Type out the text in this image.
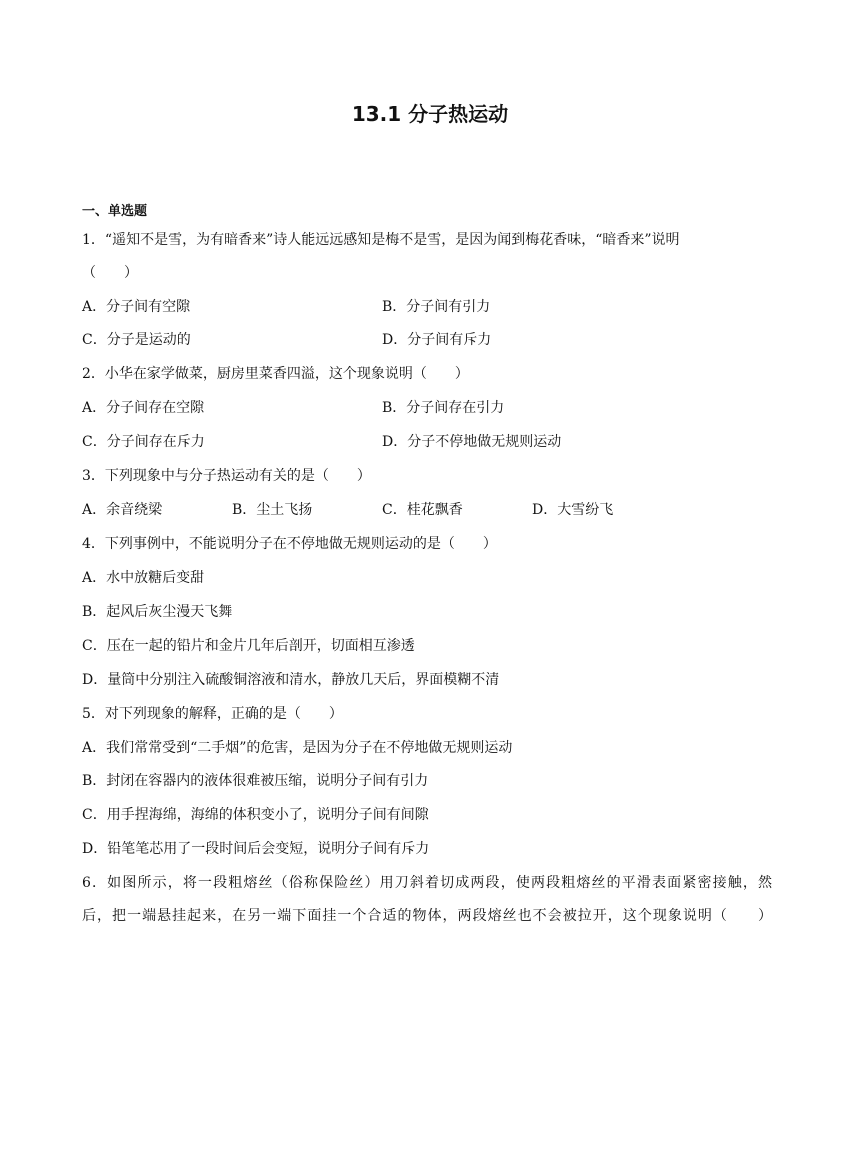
13.1 分子热运动
一、单选题
1．“遥知不是雪，为有暗香来”诗人能远远感知是梅不是雪，是因为闻到梅花香味，“暗香来”说明
（　　）
A．分子间有空隙	B．分子间有引力
C．分子是运动的	D．分子间有斥力
2．小华在家学做菜，厨房里菜香四溢，这个现象说明（　　）
A．分子间存在空隙	B．分子间存在引力
C．分子间存在斥力	D．分子不停地做无规则运动
3．下列现象中与分子热运动有关的是（　　）
A．余音绕梁	B．尘土飞扬	C．桂花飘香	D．大雪纷飞
4．下列事例中，不能说明分子在不停地做无规则运动的是（　　）
A．水中放糖后变甜
B．起风后灰尘漫天飞舞
C．压在一起的铅片和金片几年后剖开，切面相互渗透
D．量筒中分别注入硫酸铜溶液和清水，静放几天后，界面模糊不清
5．对下列现象的解释，正确的是（　　）
A．我们常常受到“二手烟”的危害，是因为分子在不停地做无规则运动
B．封闭在容器内的液体很难被压缩，说明分子间有引力
C．用手捏海绵，海绵的体积变小了，说明分子间有间隙
D．铅笔笔芯用了一段时间后会变短，说明分子间有斥力
6．如图所示，将一段粗熔丝（俗称保险丝）用刀斜着切成两段，使两段粗熔丝的平滑表面紧密接触，然
后，把一端悬挂起来，在另一端下面挂一个合适的物体，两段熔丝也不会被拉开，这个现象说明（　　）
